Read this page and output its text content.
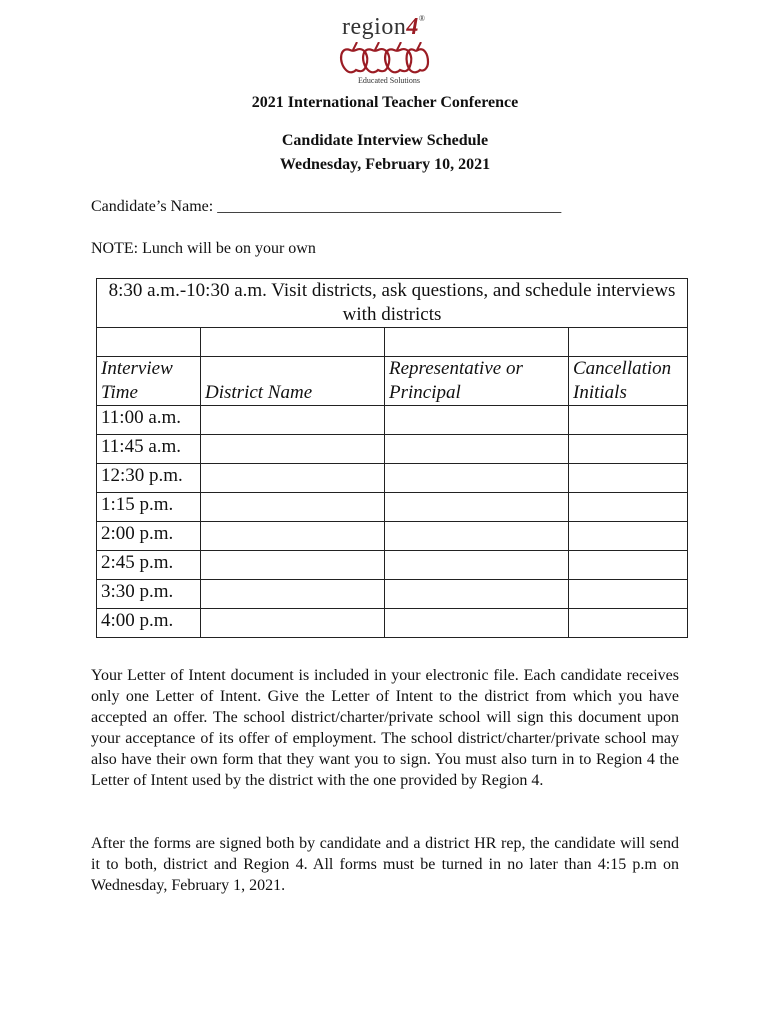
region4®
Educated Solutions
2021 International Teacher Conference
Candidate Interview Schedule
Wednesday, February 10, 2021
Candidate’s Name: ___________________________________________
NOTE: Lunch will be on your own
8:30 a.m.-10:30 a.m. Visit districts, ask questions, and schedule interviews with districts			

Interview Time	District Name	Representative or Principal	Cancellation Initials
11:00 a.m.			
11:45 a.m.			
12:30 p.m.			
1:15 p.m.			
2:00 p.m.			
2:45 p.m.			
3:30 p.m.			
4:00 p.m.			
Your Letter of Intent document is included in your electronic file. Each candidate receives only one Letter of Intent. Give the Letter of Intent to the district from which you have accepted an offer. The school district/charter/private school will sign this document upon your acceptance of its offer of employment. The school district/charter/private school may also have their own form that they want you to sign. You must also turn in to Region 4 the Letter of Intent used by the district with the one provided by Region 4.
After the forms are signed both by candidate and a district HR rep, the candidate will send it to both, district and Region 4. All forms must be turned in no later than 4:15 p.m on Wednesday, February 1, 2021.
